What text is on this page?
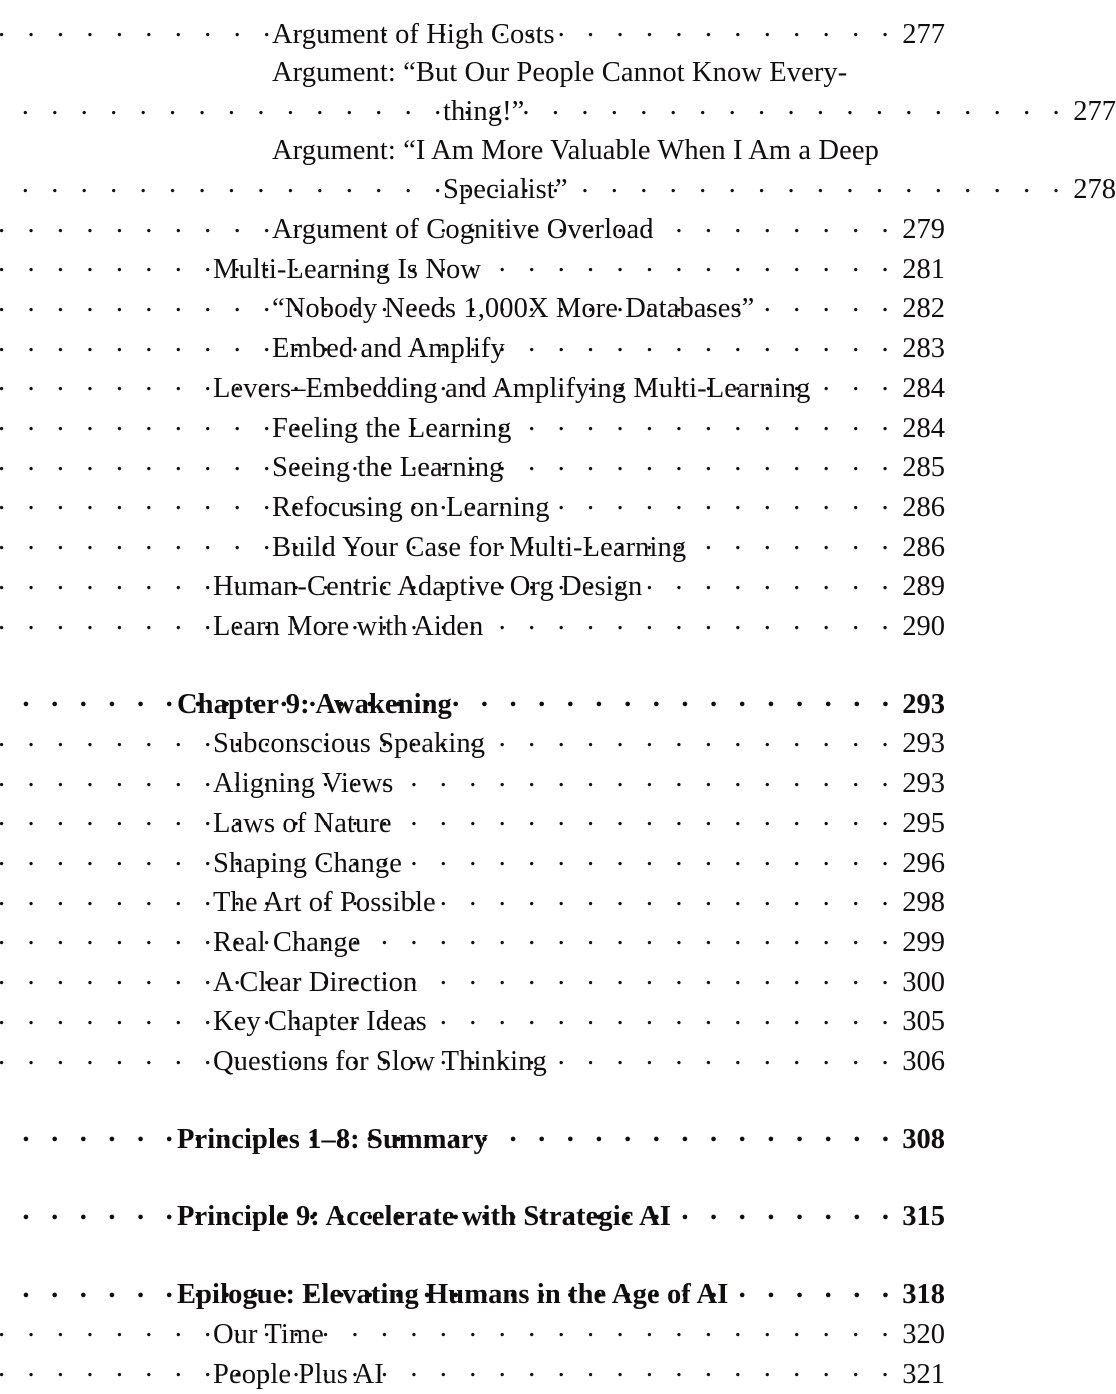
Argument of High Costs . . .	277
Argument: “But Our People Cannot Know Every-
thing!” . . .	277
Argument: “I Am More Valuable When I Am a Deep
Specialist” . . .	278
Argument of Cognitive Overload . . .	279
Multi-Learning Is Now . . .	281
“Nobody Needs 1,000X More Databases” . . .	282
Embed and Amplify . . .	283
Levers–Embedding and Amplifying Multi-Learning . . .	284
Feeling the Learning . . .	284
Seeing the Learning . . .	285
Refocusing on Learning . . .	286
Build Your Case for Multi-Learning . . .	286
Human-Centric Adaptive Org Design . . .	289
Learn More with Aiden . . .	290
Chapter 9: Awakening . . .	293
Subconscious Speaking . . .	293
Aligning Views . . .	293
Laws of Nature . . .	295
Shaping Change . . .	296
The Art of Possible . . .	298
Real Change . . .	299
A Clear Direction . . .	300
Key Chapter Ideas . . .	305
Questions for Slow Thinking . . .	306
Principles 1–8: Summary . . .	308
Principle 9: Accelerate with Strategic AI . . .	315
Epilogue: Elevating Humans in the Age of AI . . .	318
Our Time . . .	320
People Plus AI . . .	321
